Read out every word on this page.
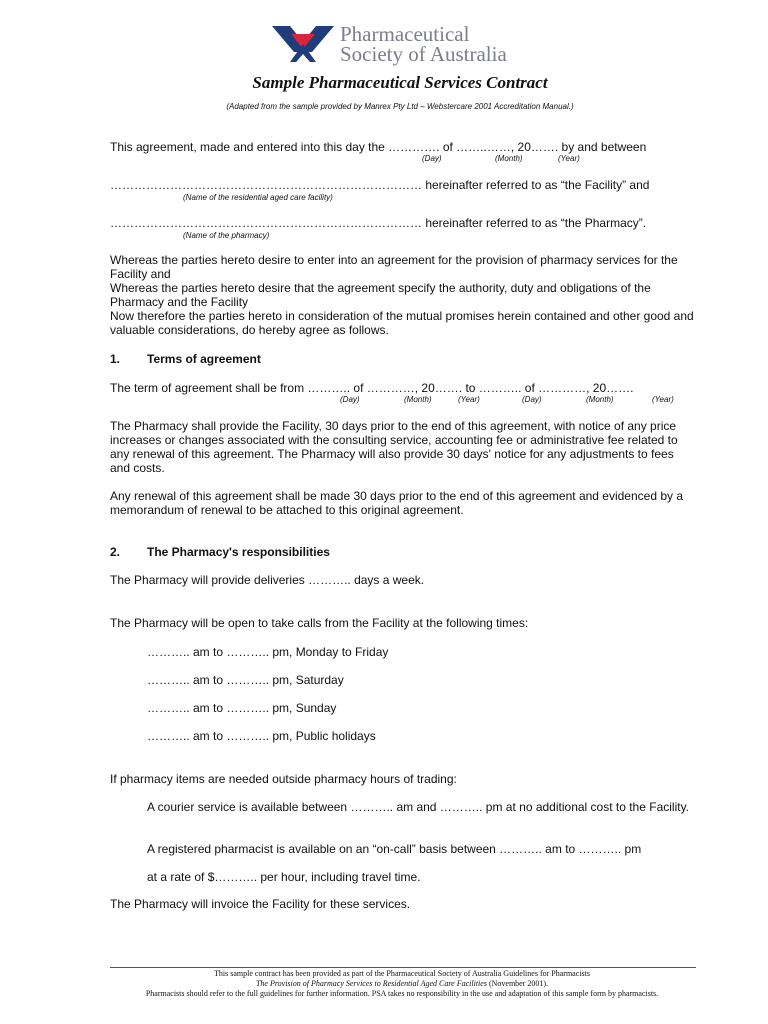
Pharmaceutical
Society of Australia
Sample Pharmaceutical Services Contract
(Adapted from the sample provided by Manrex Pty Ltd – Webstercare 2001 Accreditation Manual.)
This agreement, made and entered into this day the …………. of ……..……, 20……. by and between
(Day)	(Month)	(Year)
…………………………………………………………………… hereinafter referred to as “the Facility” and
(Name of the residential aged care facility)
…………………………………………………………………… hereinafter referred to as “the Pharmacy”.
(Name of the pharmacy)
Whereas the parties hereto desire to enter into an agreement for the provision of pharmacy services for the Facility and
Whereas the parties hereto desire that the agreement specify the authority, duty and obligations of the Pharmacy and the Facility
Now therefore the parties hereto in consideration of the mutual promises herein contained and other good and valuable considerations, do hereby agree as follows.
1. Terms of agreement
The term of agreement shall be from ……….. of …………, 20……. to ……….. of …………, 20…….
(Day)	(Month)	(Year)	(Day)	(Month)	(Year)
The Pharmacy shall provide the Facility, 30 days prior to the end of this agreement, with notice of any price increases or changes associated with the consulting service, accounting fee or administrative fee related to any renewal of this agreement. The Pharmacy will also provide 30 days' notice for any adjustments to fees and costs.
Any renewal of this agreement shall be made 30 days prior to the end of this agreement and evidenced by a memorandum of renewal to be attached to this original agreement.
2. The Pharmacy's responsibilities
The Pharmacy will provide deliveries ……….. days a week.
The Pharmacy will be open to take calls from the Facility at the following times:
……….. am to ……….. pm, Monday to Friday
……….. am to ……….. pm, Saturday
……….. am to ……….. pm, Sunday
……….. am to ……….. pm, Public holidays
If pharmacy items are needed outside pharmacy hours of trading:
A courier service is available between ……….. am and ……….. pm at no additional cost to the Facility.
A registered pharmacist is available on an “on-call” basis between ……….. am to ……….. pm
at a rate of $……….. per hour, including travel time.
The Pharmacy will invoice the Facility for these services.
This sample contract has been provided as part of the Pharmaceutical Society of Australia Guidelines for Pharmacists
The Provision of Pharmacy Services to Residential Aged Care Facilities (November 2001).
Pharmacists should refer to the full guidelines for further information. PSA takes no responsibility in the use and adaptation of this sample form by pharmacists.
